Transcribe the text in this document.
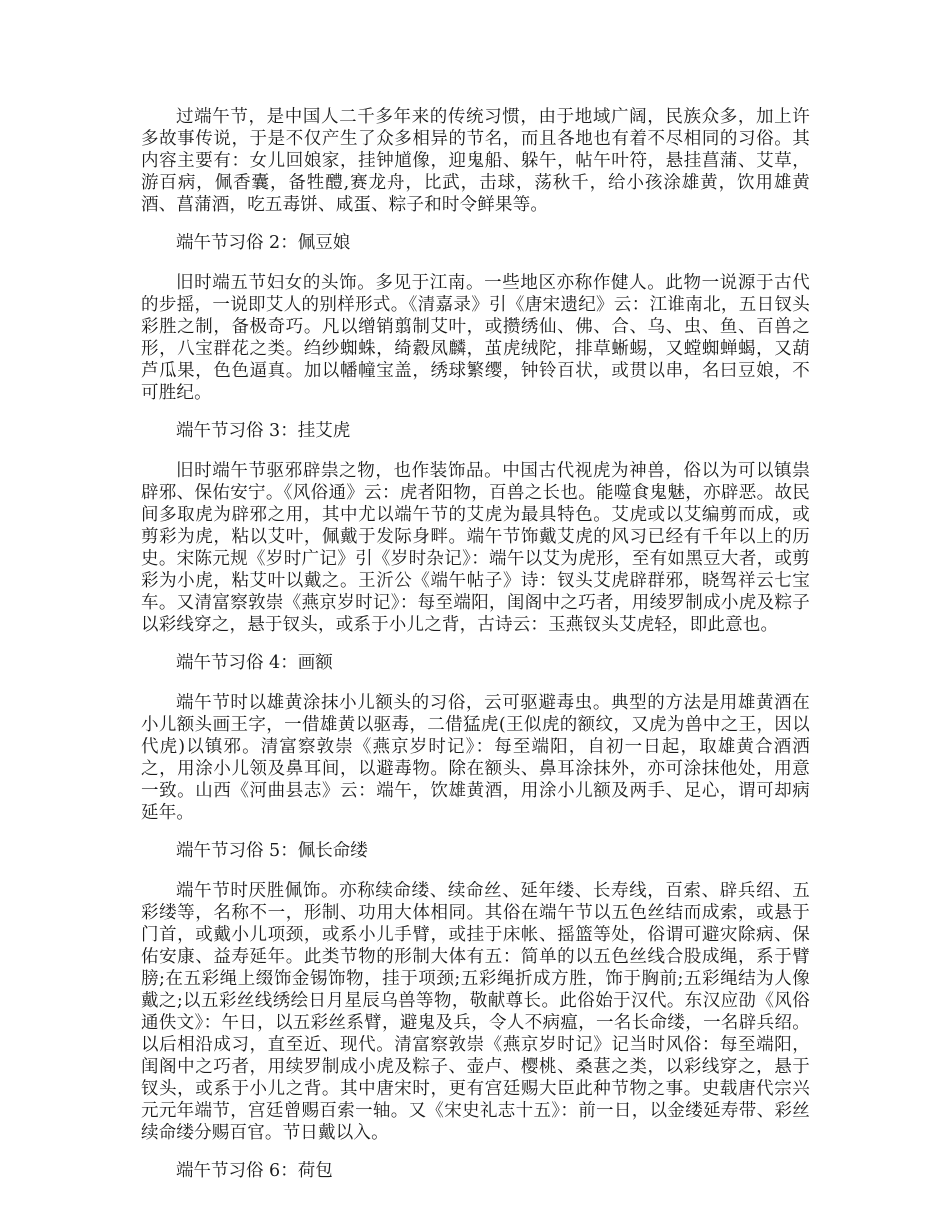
过端午节，是中国人二千多年来的传统习惯，由于地域广阔，民族众多，加上许多故事传说，于是不仅产生了众多相异的节名，而且各地也有着不尽相同的习俗。其内容主要有：女儿回娘家，挂钟馗像，迎鬼船、躲午，帖午叶符，悬挂菖蒲、艾草，游百病，佩香囊，备牲醴,赛龙舟，比武，击球，荡秋千，给小孩涂雄黄，饮用雄黄酒、菖蒲酒，吃五毒饼、咸蛋、粽子和时令鲜果等。

端午节习俗 2：佩豆娘

旧时端五节妇女的头饰。多见于江南。一些地区亦称作健人。此物一说源于古代的步摇，一说即艾人的别样形式。《清嘉录》引《唐宋遗纪》云：江谁南北，五日钗头彩胜之制，备极奇巧。凡以缯销翦制艾叶，或攒绣仙、佛、合、乌、虫、鱼、百兽之形，八宝群花之类。绉纱蜘蛛，绮縠凤麟，茧虎绒陀，排草蜥蜴，又螳蜘蝉蝎，又葫芦瓜果，色色逼真。加以幡幢宝盖，绣球繁缨，钟铃百状，或贯以串，名曰豆娘，不可胜纪。

端午节习俗 3：挂艾虎

旧时端午节驱邪辟祟之物，也作装饰品。中国古代视虎为神兽，俗以为可以镇祟辟邪、保佑安宁。《风俗通》云：虎者阳物，百兽之长也。能噬食鬼魅，亦辟恶。故民间多取虎为辟邪之用，其中尤以端午节的艾虎为最具特色。艾虎或以艾编剪而成，或剪彩为虎，粘以艾叶，佩戴于发际身畔。端午节饰戴艾虎的风习已经有千年以上的历史。宋陈元规《岁时广记》引《岁时杂记》：端午以艾为虎形，至有如黑豆大者，或剪彩为小虎，粘艾叶以戴之。王沂公《端午帖子》诗：钗头艾虎辟群邪，晓驾祥云七宝车。又清富察敦崇《燕京岁时记》：每至端阳，闺阁中之巧者，用绫罗制成小虎及粽子以彩线穿之，悬于钗头，或系于小儿之背，古诗云：玉燕钗头艾虎轻，即此意也。

端午节习俗 4：画额

端午节时以雄黄涂抹小儿额头的习俗，云可驱避毒虫。典型的方法是用雄黄酒在小儿额头画王字，一借雄黄以驱毒，二借猛虎(王似虎的额纹，又虎为兽中之王，因以代虎)以镇邪。清富察敦崇《燕京岁时记》：每至端阳，自初一日起，取雄黄合酒洒之，用涂小儿领及鼻耳间，以避毒物。除在额头、鼻耳涂抹外，亦可涂抹他处，用意一致。山西《河曲县志》云：端午，饮雄黄酒，用涂小儿额及两手、足心，谓可却病延年。

端午节习俗 5：佩长命缕

端午节时厌胜佩饰。亦称续命缕、续命丝、延年缕、长寿线，百索、辟兵绍、五彩缕等，名称不一，形制、功用大体相同。其俗在端午节以五色丝结而成索，或悬于门首，或戴小儿项颈，或系小儿手臂，或挂于床帐、摇篮等处，俗谓可避灾除病、保佑安康、益寿延年。此类节物的形制大体有五：简单的以五色丝线合股成绳，系于臂膀;在五彩绳上缀饰金锡饰物，挂于项颈;五彩绳折成方胜，饰于胸前;五彩绳结为人像戴之;以五彩丝线绣绘日月星辰乌兽等物，敬献尊长。此俗始于汉代。东汉应劭《风俗通佚文》：午日，以五彩丝系臂，避鬼及兵，令人不病瘟，一名长命缕，一名辟兵绍。以后相沿成习，直至近、现代。清富察敦崇《燕京岁时记》记当时风俗：每至端阳，闺阁中之巧者，用续罗制成小虎及粽子、壶卢、樱桃、桑葚之类，以彩线穿之，悬于钗头，或系于小儿之背。其中唐宋时，更有宫廷赐大臣此种节物之事。史载唐代宗兴元元年端节，宫廷曾赐百索一轴。又《宋史礼志十五》：前一日，以金缕延寿带、彩丝续命缕分赐百官。节日戴以入。

端午节习俗 6：荷包
